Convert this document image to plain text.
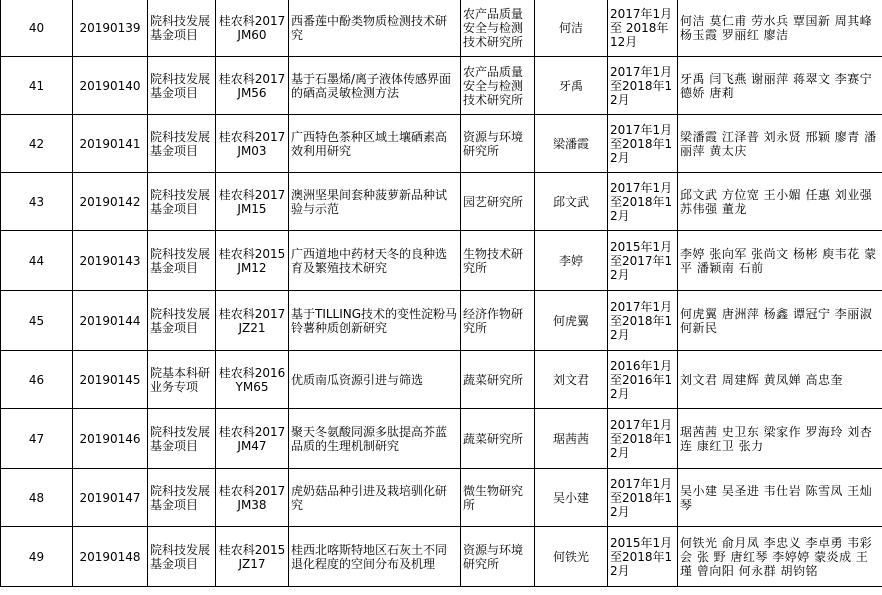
40	20190139	院科技发展基金项目	桂农科2017JM60	西番莲中酚类物质检测技术研究	农产品质量安全与检测技术研究所	何洁	2017年1月至 2018年12月	何洁 莫仁甫 劳水兵 覃国新 周其峰 杨玉霞 罗丽红 廖洁
41	20190140	院科技发展基金项目	桂农科2017JM56	基于石墨烯/离子液体传感界面的硒高灵敏检测方法	农产品质量安全与检测技术研究所	牙禹	2017年1月至2018年12月	牙禹 闫飞燕 谢丽萍 蒋翠文 李赛宁德娇 唐莉
42	20190141	院科技发展基金项目	桂农科2017JM03	广西特色茶种区域土壤硒素高效利用研究	资源与环境研究所	梁潘霞	2017年1月至2018年12月	梁潘霞 江泽普 刘永贤 邢颖 廖青 潘丽萍 黄太庆
43	20190142	院科技发展基金项目	桂农科2017JM15	澳洲坚果间套种菠萝新品种试验与示范	园艺研究所	邱文武	2017年1月至2018年12月	邱文武 方位宽 王小媚 任惠 刘业强 苏伟强 董龙
44	20190143	院科技发展基金项目	桂农科2015JM12	广西道地中药材天冬的良种选育及繁殖技术研究	生物技术研究所	李婷	2015年1月至2017年12月	李婷 张向军 张尚文 杨彬 庾韦花 蒙平 潘颖南 石前
45	20190144	院科技发展基金项目	桂农科2017JZ21	基于TILLING技术的变性淀粉马铃薯种质创新研究	经济作物研究所	何虎翼	2017年1月至2018年12月	何虎翼 唐洲萍 杨鑫 谭冠宁 李丽淑 何新民
46	20190145	院基本科研业务专项	桂农科2016YM65	优质南瓜资源引进与筛选	蔬菜研究所	刘文君	2016年1月至2016年12月	刘文君 周建辉 黄凤婵 高忠奎
47	20190146	院科技发展基金项目	桂农科2017JM47	聚天冬氨酸同源多肽提高芥蓝品质的生理机制研究	蔬菜研究所	琚茜茜	2017年1月至2018年12月	琚茜茜 史卫东 梁家作 罗海玲 刘杏连 康红卫 张力
48	20190147	院科技发展基金项目	桂农科2017JM38	虎奶菇品种引进及栽培驯化研究	微生物研究所	吴小建	2017年1月至2018年12月	吴小建 吴圣进 韦仕岩 陈雪凤 王灿琴
49	20190148	院科技发展基金项目	桂农科2015JZ17	桂西北喀斯特地区石灰土不同退化程度的空间分布及机理	资源与环境研究所	何铁光	2015年1月至2018年12月	何铁光 俞月凤 李忠义 李卓勇 韦彩会 张 野 唐红琴 李婷婷 蒙炎成 王瑾 曾向阳 何永群 胡钧铭
